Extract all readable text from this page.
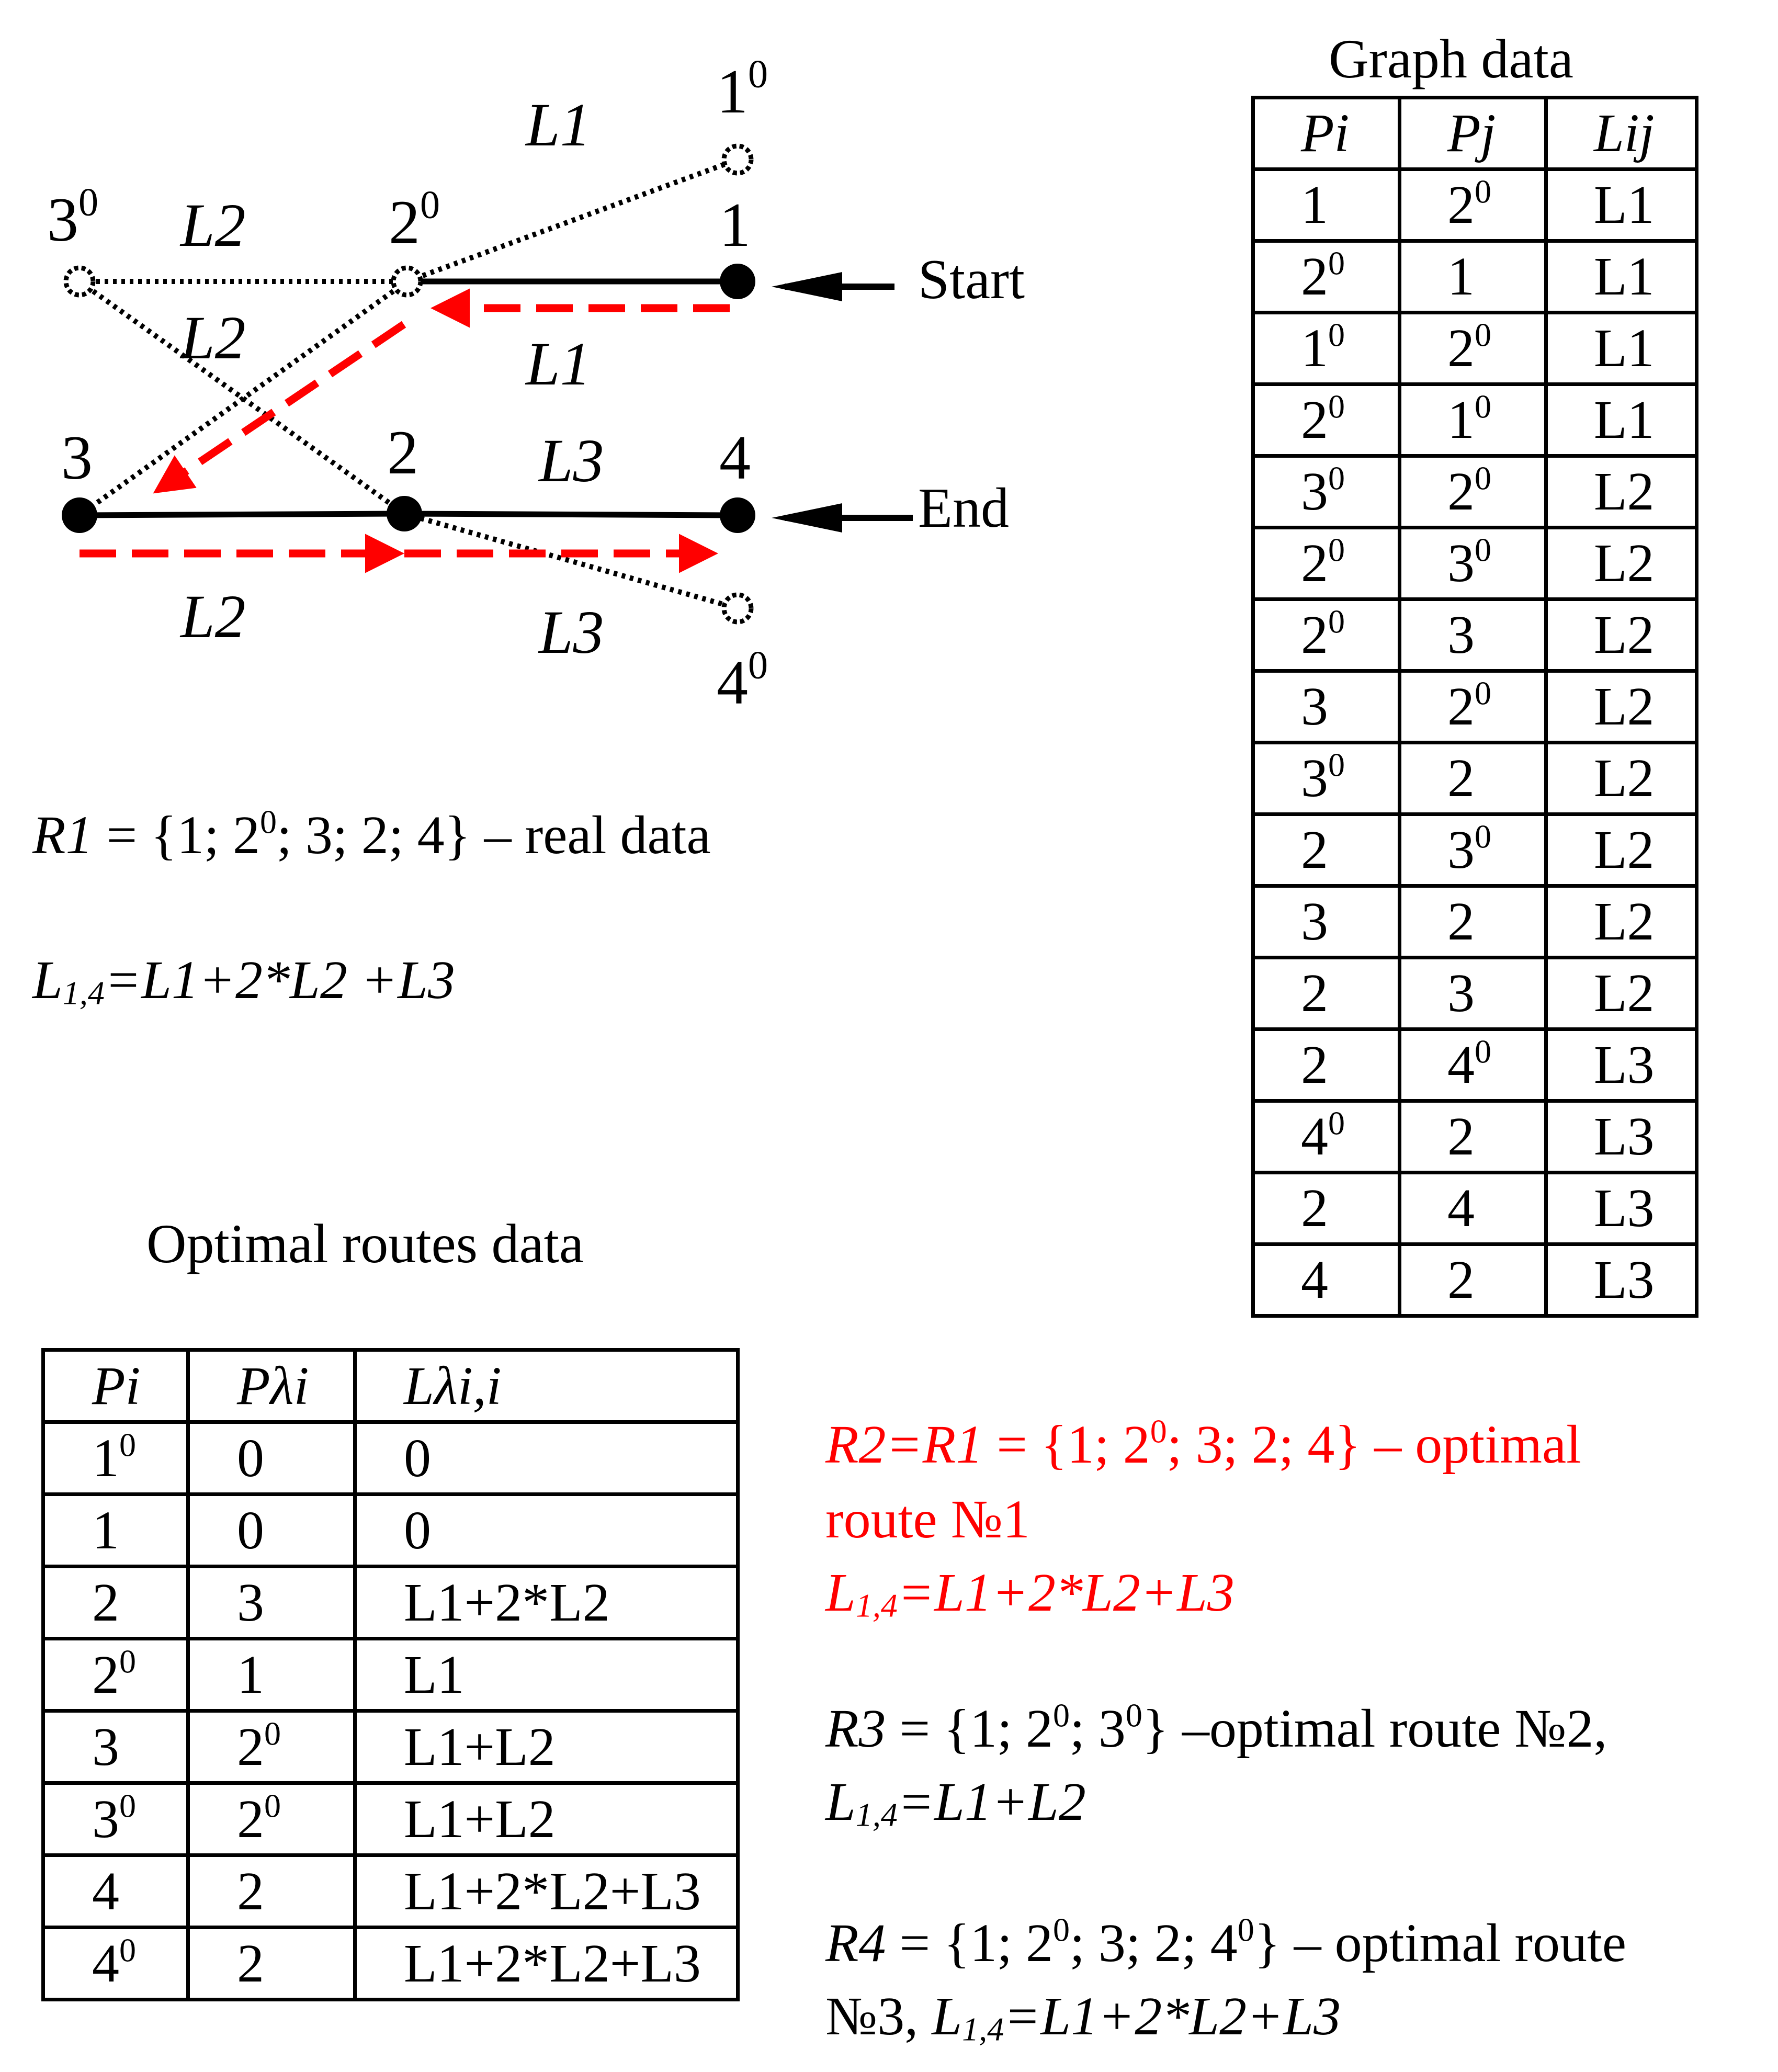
$1^0$
$3^0$	$2^0$	1
3	2	4
$4^0$
L1
L2
L2	L1
L3
L2	L3
Start
End
R1 = {1; $2^0$; 3; 2; 4} – real data
L1,4=L1+2*L2 +L3
Graph data
Pi	Pj	Lij
1	$2^0$	L1
$2^0$	1	L1
$1^0$	$2^0$	L1
$2^0$	$1^0$	L1
$3^0$	$2^0$	L2
$2^0$	$3^0$	L2
$2^0$	3	L2
3	$2^0$	L2
$3^0$	2	L2
2	$3^0$	L2
3	2	L2
2	3	L2
2	$4^0$	L3
$4^0$	2	L3
2	4	L3
4	2	L3
Optimal routes data
Pi	Pλi	Lλi,i
$1^0$	0	0
1	0	0
2	3	L1+2*L2
$2^0$	1	L1
3	$2^0$	L1+L2
$3^0$	$2^0$	L1+L2
4	2	L1+2*L2+L3
$4^0$	2	L1+2*L2+L3
R2=R1 = {1; $2^0$; 3; 2; 4} – optimal
route №1
L1,4=L1+2*L2+L3
R3 = {1; $2^0$; $3^0$} –optimal route №2,
L1,4=L1+L2
R4 = {1; $2^0$; 3; 2; $4^0$} – optimal route
№3, L1,4=L1+2*L2+L3
